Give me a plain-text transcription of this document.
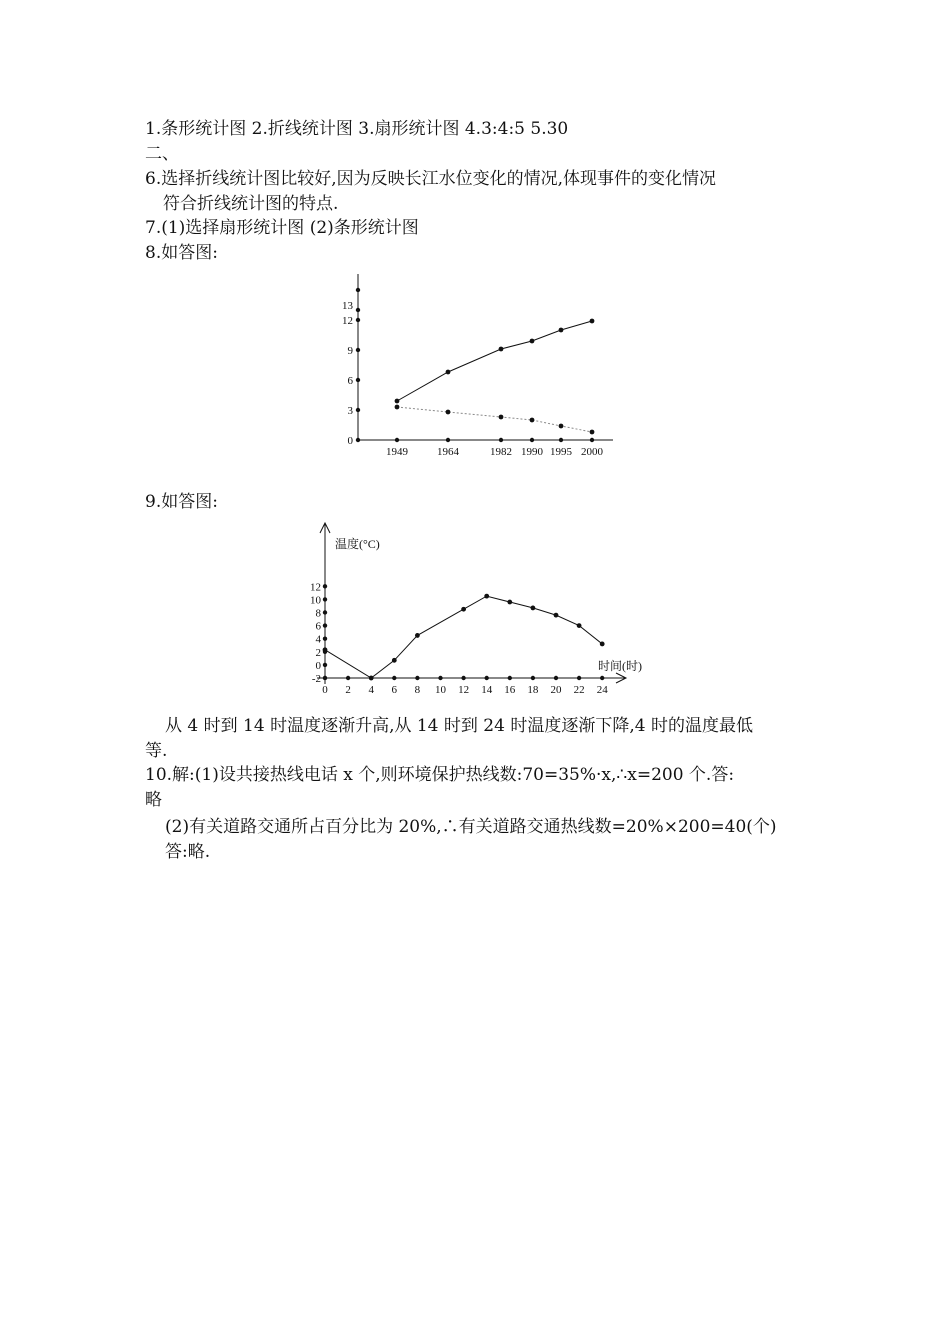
1.条形统计图 2.折线统计图 3.扇形统计图 4.3:4:5 5.30
二、
6.选择折线统计图比较好,因为反映长江水位变化的情况,体现事件的变化情况
符合折线统计图的特点.
7.(1)选择扇形统计图 (2)条形统计图
8.如答图:
0
3
6
9
12
13
1949	1964	1982 1990 1995 2000
9.如答图:
温度(°C)
时间(时)
-2
0
2
4
6
8
10
12
0 2 4 6 8 10 12 14 16 18 20 22 24
从 4 时到 14 时温度逐渐升高,从 14 时到 24 时温度逐渐下降,4 时的温度最低
等.
10.解:(1)设共接热线电话 x 个,则环境保护热线数:70=35%·x,∴x=200 个.答:
略
(2)有关道路交通所占百分比为 20%,∴有关道路交通热线数=20%×200=40(个)
答:略.
